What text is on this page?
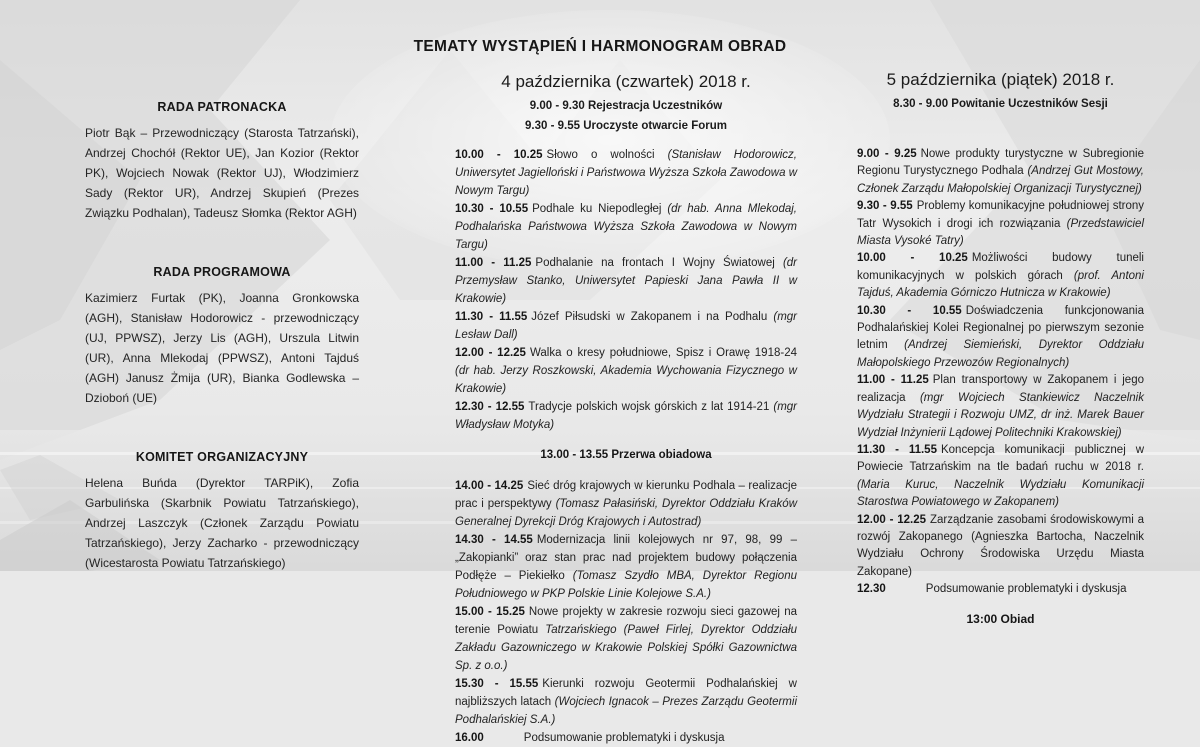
TEMATY WYSTĄPIEŃ I HARMONOGRAM OBRAD
RADA PATRONACKA

Piotr Bąk – Przewodniczący (Starosta Tatrzański), Andrzej Chochół (Rektor UE), Jan Kozior (Rektor PK), Wojciech Nowak (Rektor UJ), Włodzimierz Sady (Rektor UR), Andrzej Skupień (Prezes Związku Podhalan), Tadeusz Słomka (Rektor AGH)

RADA PROGRAMOWA

Kazimierz Furtak (PK), Joanna Gronkowska (AGH), Stanisław Hodorowicz - przewodniczący (UJ, PPWSZ), Jerzy Lis (AGH), Urszula Litwin (UR), Anna Mlekodaj (PPWSZ), Antoni Tajduś (AGH) Janusz Żmija (UR), Bianka Godlewska – Dzioboń (UE)

KOMITET ORGANIZACYJNY

Helena Buńda (Dyrektor TARPiK), Zofia Garbulińska (Skarbnik Powiatu Tatrzańskiego), Andrzej Laszczyk (Członek Zarządu Powiatu Tatrzańskiego), Jerzy Zacharko - przewodniczący (Wicestarosta Powiatu Tatrzańskiego)

4 października (czwartek) 2018 r.

9.00 - 9.30 Rejestracja Uczestników

9.30 - 9.55 Uroczyste otwarcie Forum

10.00 - 10.25 Słowo o wolności (Stanisław Hodorowicz, Uniwersytet Jagielloński i Państwowa Wyższa Szkoła Zawodowa w Nowym Targu)

10.30 - 10.55 Podhale ku Niepodległej (dr hab. Anna Mlekodaj, Podhalańska Państwowa Wyższa Szkoła Zawodowa w Nowym Targu)

11.00 - 11.25 Podhalanie na frontach I Wojny Światowej (dr Przemysław Stanko, Uniwersytet Papieski Jana Pawła II w Krakowie)

11.30 - 11.55 Józef Piłsudski w Zakopanem i na Podhalu (mgr Lesław Dall)

12.00 - 12.25 Walka o kresy południowe, Spisz i Orawę 1918-24 (dr hab. Jerzy Roszkowski, Akademia Wychowania Fizycznego w Krakowie)

12.30 - 12.55 Tradycje polskich wojsk górskich z lat 1914-21 (mgr Władysław Motyka)

13.00 - 13.55 Przerwa obiadowa

14.00 - 14.25 Sieć dróg krajowych w kierunku Podhala – realizacje prac i perspektywy (Tomasz Pałasiński, Dyrektor Oddziału Kraków Generalnej Dyrekcji Dróg Krajowych i Autostrad)

14.30 - 14.55 Modernizacja linii kolejowych nr 97, 98, 99 – „Zakopianki” oraz stan prac nad projektem budowy połączenia Podłęże – Piekiełko (Tomasz Szydło MBA, Dyrektor Regionu Południowego w PKP Polskie Linie Kolejowe S.A.)

15.00 - 15.25 Nowe projekty w zakresie rozwoju sieci gazowej na terenie Powiatu Tatrzańskiego (Paweł Firlej, Dyrektor Oddziału Zakładu Gazowniczego w Krakowie Polskiej Spółki Gazownictwa Sp. z o.o.)

15.30 - 15.55 Kierunki rozwoju Geotermii Podhalańskiej w najbliższych latach (Wojciech Ignacok – Prezes Zarządu Geotermii Podhalańskiej S.A.)

16.00	Podsumowanie problematyki i dyskusja

5 października (piątek) 2018 r.

8.30 - 9.00 Powitanie Uczestników Sesji

9.00 - 9.25 Nowe produkty turystyczne w Subregionie Regionu Turystycznego Podhala (Andrzej Gut Mostowy, Członek Zarządu Małopolskiej Organizacji Turystycznej)

9.30 - 9.55 Problemy komunikacyjne południowej strony Tatr Wysokich i drogi ich rozwiązania (Przedstawiciel Miasta Vysoké Tatry)

10.00 - 10.25 Możliwości budowy tuneli komunikacyjnych w polskich górach (prof. Antoni Tajduś, Akademia Górniczo Hutnicza w Krakowie)

10.30 - 10.55 Doświadczenia funkcjonowania Podhalańskiej Kolei Regionalnej po pierwszym sezonie letnim (Andrzej Siemieński, Dyrektor Oddziału Małopolskiego Przewozów Regionalnych)

11.00 - 11.25 Plan transportowy w Zakopanem i jego realizacja (mgr Wojciech Stankiewicz Naczelnik Wydziału Strategii i Rozwoju UMZ, dr inż. Marek Bauer Wydział Inżynierii Lądowej Politechniki Krakowskiej)

11.30 - 11.55 Koncepcja komunikacji publicznej w Powiecie Tatrzańskim na tle badań ruchu w 2018 r. (Maria Kuruc, Naczelnik Wydziału Komunikacji Starostwa Powiatowego w Zakopanem)

12.00 - 12.25 Zarządzanie zasobami środowiskowymi a rozwój Zakopanego (Agnieszka Bartocha, Naczelnik Wydziału Ochrony Środowiska Urzędu Miasta Zakopane)

12.30	Podsumowanie problematyki i dyskusja

13:00 Obiad
